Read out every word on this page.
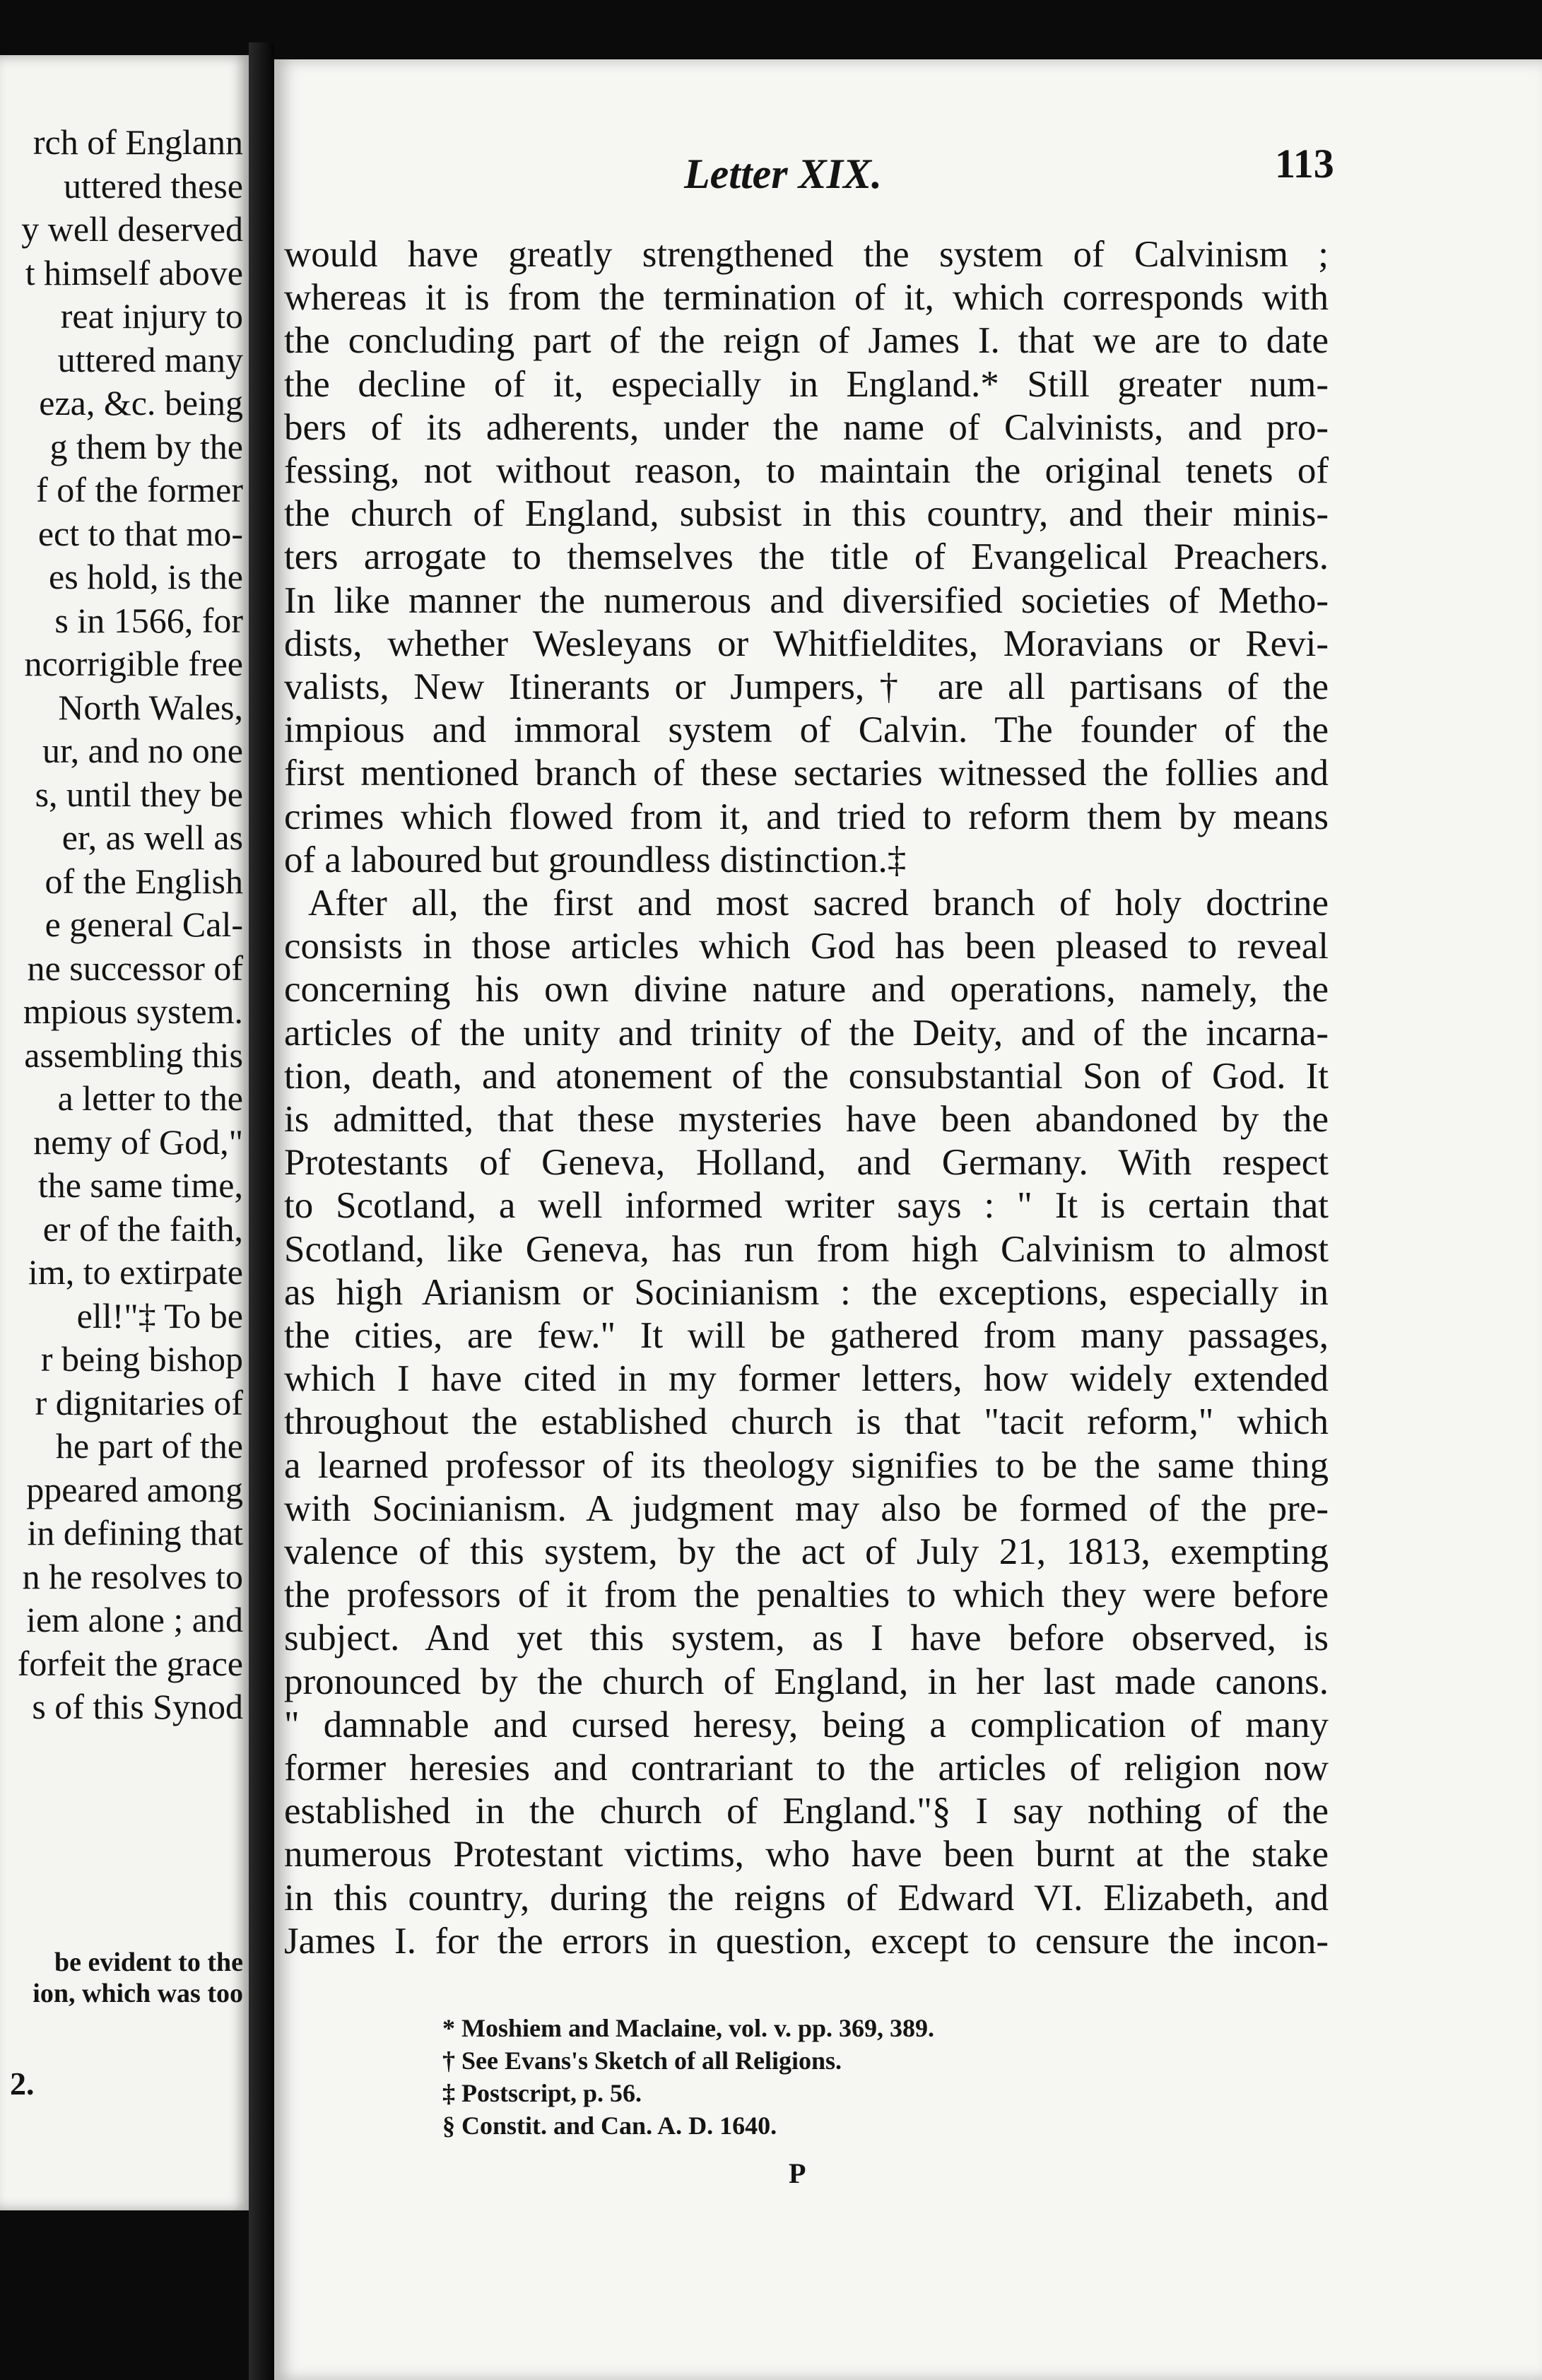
rch of Englann
uttered these
y well deserved
t himself above
reat injury to
uttered many
eza, &c. being
g them by the
f of the former
ect to that mo-
es hold, is the
s in 1566, for
ncorrigible free
North Wales,
ur, and no one
s, until they be
er, as well as
of the English
e general Cal-
ne successor of
mpious system.
assembling this
a letter to the
nemy of God,"
the same time,
er of the faith,
im, to extirpate
ell!"‡ To be
r being bishop
r dignitaries of
he part of the
ppeared among
in defining that
n he resolves to
iem alone ; and
forfeit the grace
s of this Synod
be evident to the
ion, which was too
2.
Letter XIX.	113
would have greatly strengthened the system of Calvinism ;
whereas it is from the termination of it, which corresponds with
the concluding part of the reign of James I. that we are to date
the decline of it, especially in England.* Still greater num-
bers of its adherents, under the name of Calvinists, and pro-
fessing, not without reason, to maintain the original tenets of
the church of England, subsist in this country, and their minis-
ters arrogate to themselves the title of Evangelical Preachers.
In like manner the numerous and diversified societies of Metho-
dists, whether Wesleyans or Whitfieldites, Moravians or Revi-
valists, New Itinerants or Jumpers,† are all partisans of the
impious and immoral system of Calvin. The founder of the
first mentioned branch of these sectaries witnessed the follies and
crimes which flowed from it, and tried to reform them by means
of a laboured but groundless distinction.‡
After all, the first and most sacred branch of holy doctrine
consists in those articles which God has been pleased to reveal
concerning his own divine nature and operations, namely, the
articles of the unity and trinity of the Deity, and of the incarna-
tion, death, and atonement of the consubstantial Son of God. It
is admitted, that these mysteries have been abandoned by the
Protestants of Geneva, Holland, and Germany. With respect
to Scotland, a well informed writer says : " It is certain that
Scotland, like Geneva, has run from high Calvinism to almost
as high Arianism or Socinianism : the exceptions, especially in
the cities, are few." It will be gathered from many passages,
which I have cited in my former letters, how widely extended
throughout the established church is that "tacit reform," which
a learned professor of its theology signifies to be the same thing
with Socinianism. A judgment may also be formed of the pre-
valence of this system, by the act of July 21, 1813, exempting
the professors of it from the penalties to which they were before
subject. And yet this system, as I have before observed, is
pronounced by the church of England, in her last made canons.
" damnable and cursed heresy, being a complication of many
former heresies and contrariant to the articles of religion now
established in the church of England."§ I say nothing of the
numerous Protestant victims, who have been burnt at the stake
in this country, during the reigns of Edward VI. Elizabeth, and
James I. for the errors in question, except to censure the incon-
* Moshiem and Maclaine, vol. v. pp. 369, 389.
† See Evans's Sketch of all Religions.
‡ Postscript, p. 56.
§ Constit. and Can. A. D. 1640.
P
